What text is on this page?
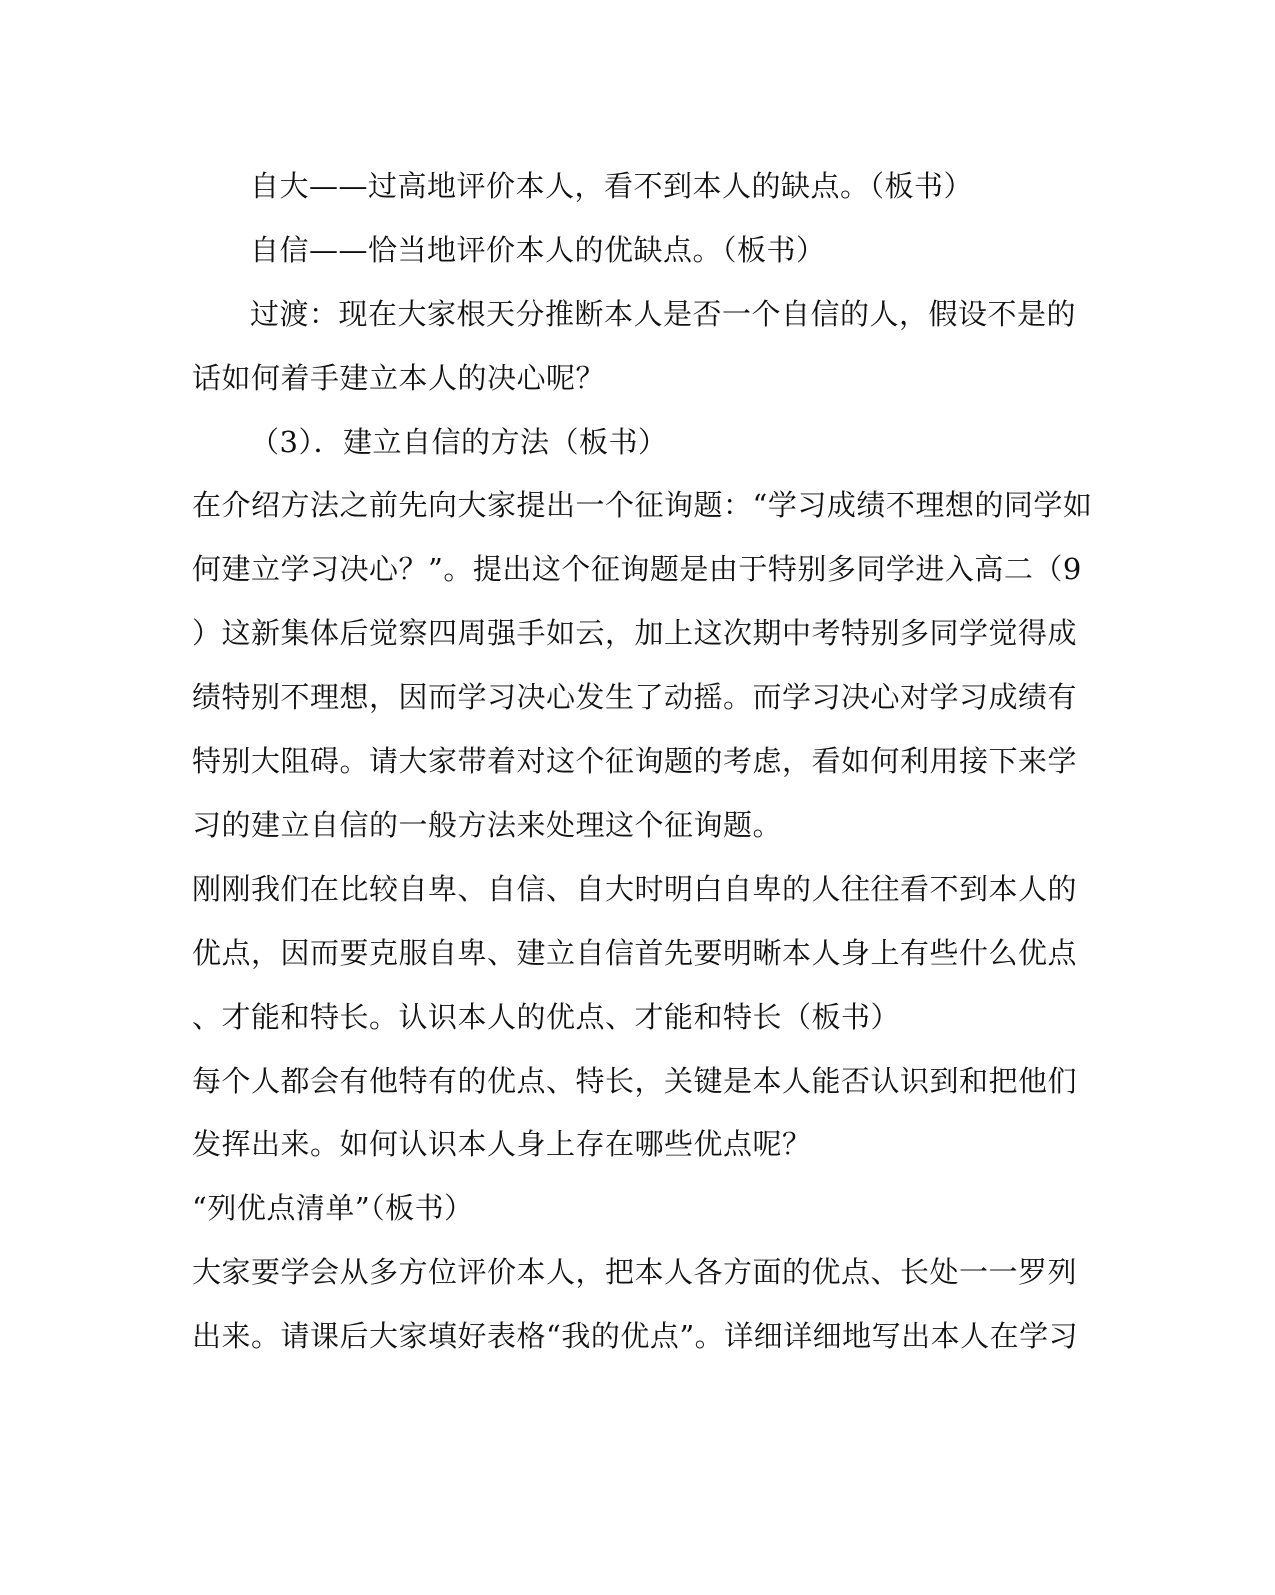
自大——过高地评价本人，看不到本人的缺点。（板书）
自信——恰当地评价本人的优缺点。（板书）
过渡：现在大家根天分推断本人是否一个自信的人，假设不是的
话如何着手建立本人的决心呢？
（3）．建立自信的方法（板书）
在介绍方法之前先向大家提出一个征询题：“学习成绩不理想的同学如
何建立学习决心？”。提出这个征询题是由于特别多同学进入高二（9
）这新集体后觉察四周强手如云，加上这次期中考特别多同学觉得成
绩特别不理想，因而学习决心发生了动摇。而学习决心对学习成绩有
特别大阻碍。请大家带着对这个征询题的考虑，看如何利用接下来学
习的建立自信的一般方法来处理这个征询题。
刚刚我们在比较自卑、自信、自大时明白自卑的人往往看不到本人的
优点，因而要克服自卑、建立自信首先要明晰本人身上有些什么优点
、才能和特长。认识本人的优点、才能和特长（板书）
每个人都会有他特有的优点、特长，关键是本人能否认识到和把他们
发挥出来。如何认识本人身上存在哪些优点呢？
“列优点清单”（板书）
大家要学会从多方位评价本人，把本人各方面的优点、长处一一罗列
出来。请课后大家填好表格“我的优点”。详细详细地写出本人在学习
